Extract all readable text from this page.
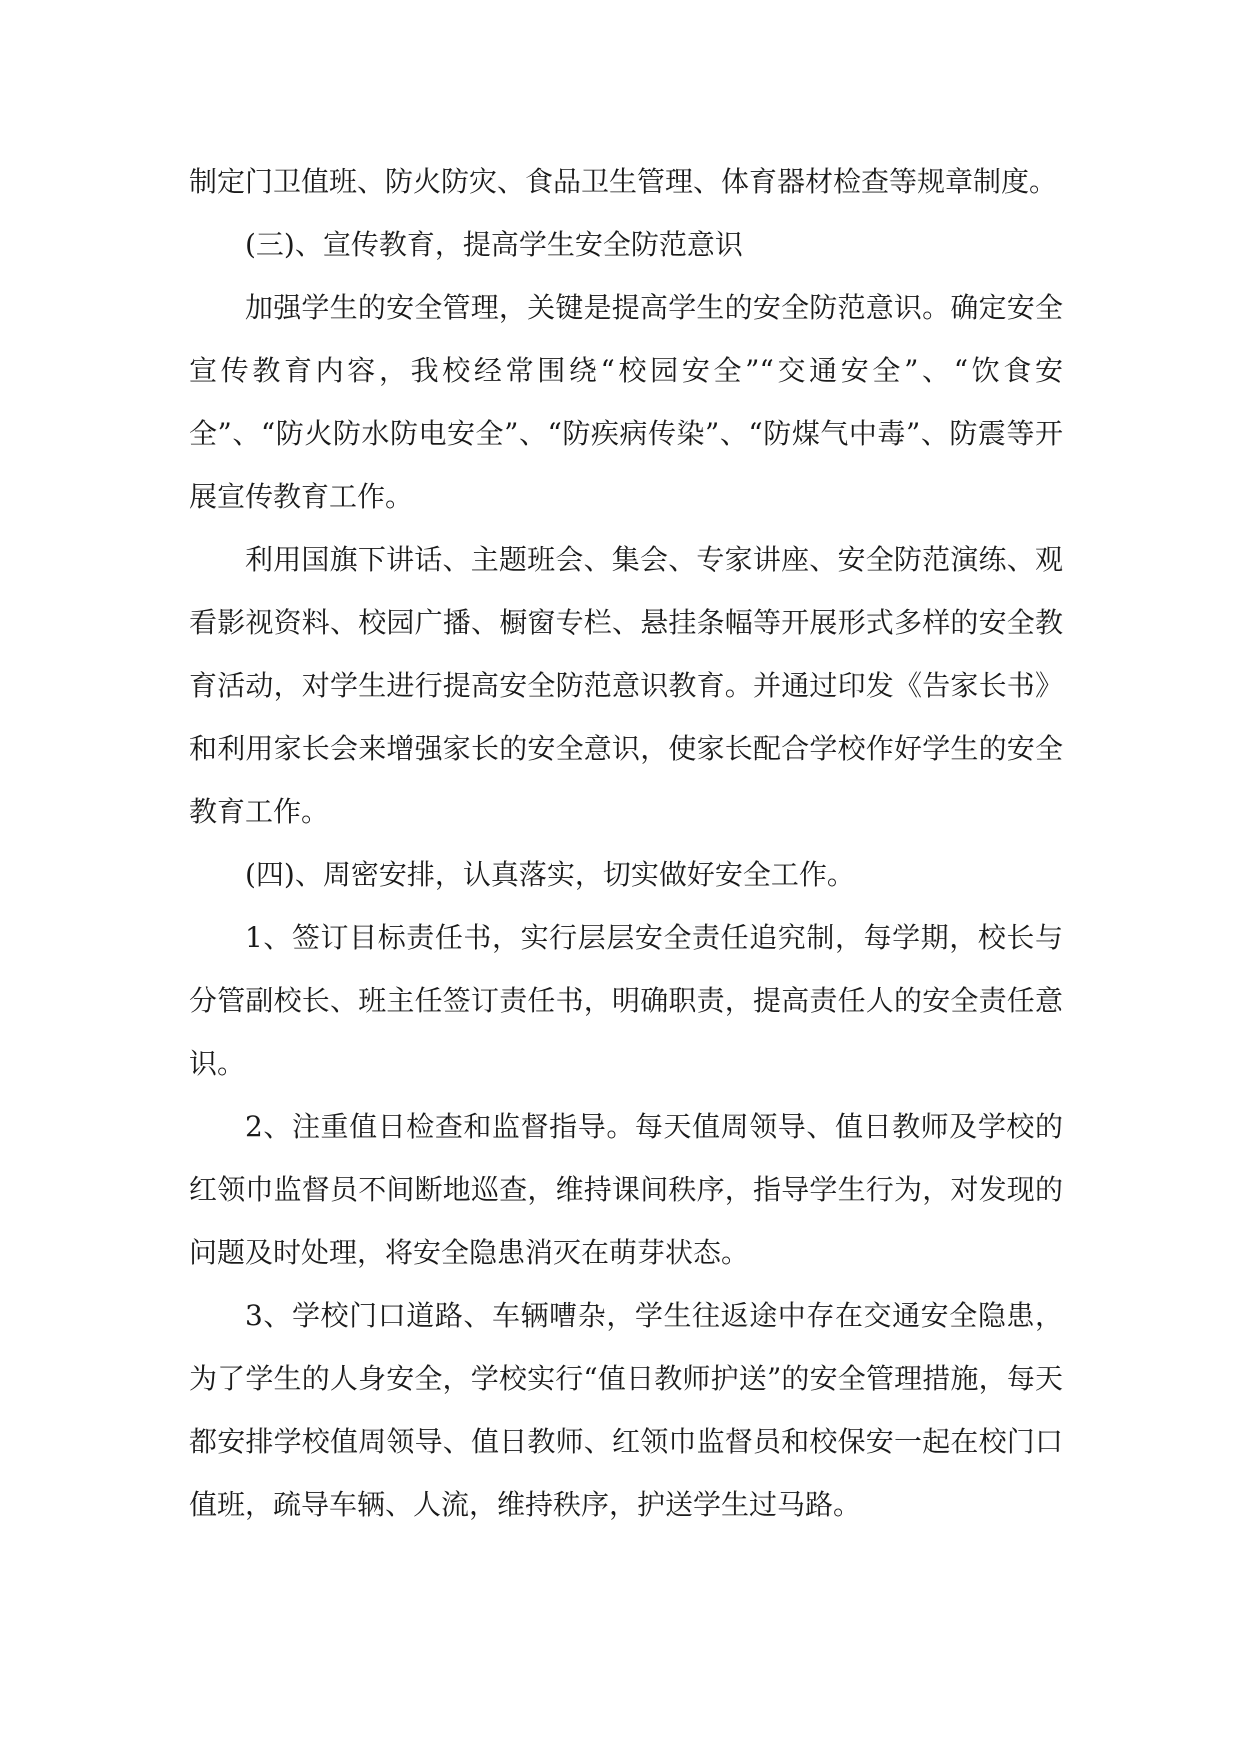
制定门卫值班、防火防灾、食品卫生管理、体育器材检查等规章制度。

(三)、宣传教育，提高学生安全防范意识

加强学生的安全管理，关键是提高学生的安全防范意识。确定安全宣传教育内容，我校经常围绕“校园安全”“交通安全”、“饮食安全”、“防火防水防电安全”、“防疾病传染”、“防煤气中毒”、防震等开展宣传教育工作。

利用国旗下讲话、主题班会、集会、专家讲座、安全防范演练、观看影视资料、校园广播、橱窗专栏、悬挂条幅等开展形式多样的安全教育活动，对学生进行提高安全防范意识教育。并通过印发《告家长书》和利用家长会来增强家长的安全意识，使家长配合学校作好学生的安全教育工作。

(四)、周密安排，认真落实，切实做好安全工作。

1、签订目标责任书，实行层层安全责任追究制，每学期，校长与分管副校长、班主任签订责任书，明确职责，提高责任人的安全责任意识。

2、注重值日检查和监督指导。每天值周领导、值日教师及学校的红领巾监督员不间断地巡查，维持课间秩序，指导学生行为，对发现的问题及时处理，将安全隐患消灭在萌芽状态。

3、学校门口道路、车辆嘈杂，学生往返途中存在交通安全隐患，为了学生的人身安全，学校实行“值日教师护送”的安全管理措施，每天都安排学校值周领导、值日教师、红领巾监督员和校保安一起在校门口值班，疏导车辆、人流，维持秩序，护送学生过马路。
